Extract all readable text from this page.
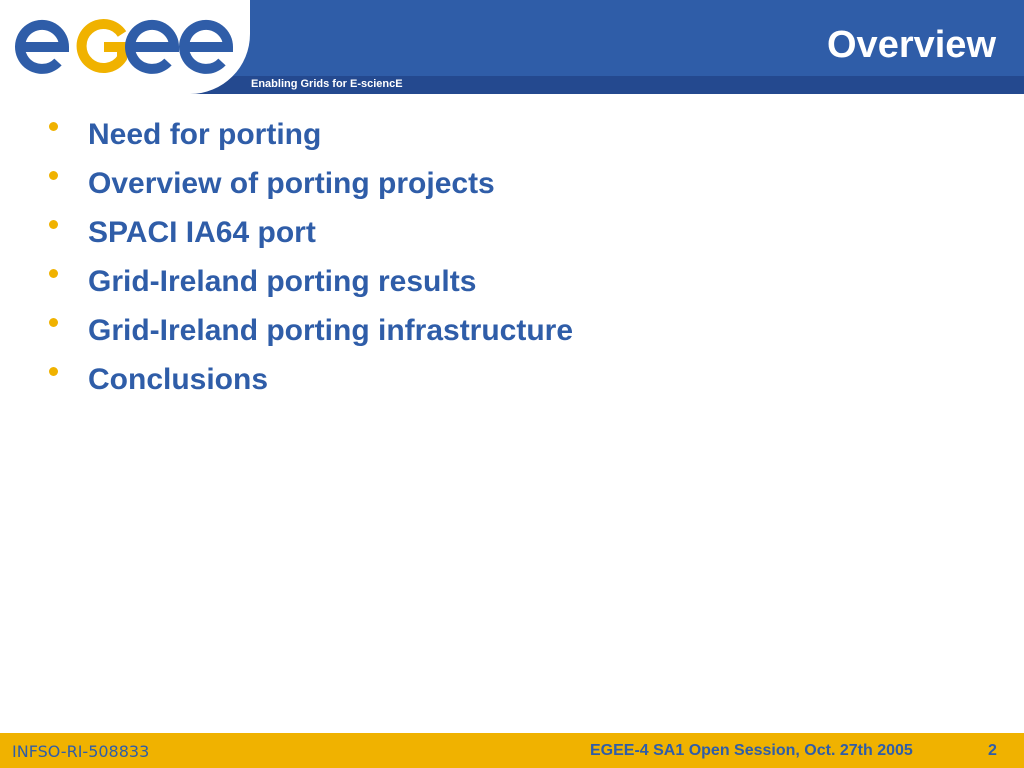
Enabling Grids for E-sciencE
Overview
Need for porting
Overview of porting projects
SPACI IA64 port
Grid-Ireland porting results
Grid-Ireland porting infrastructure
Conclusions
INFSO-RI-508833	EGEE-4 SA1 Open Session, Oct. 27th 2005	2
